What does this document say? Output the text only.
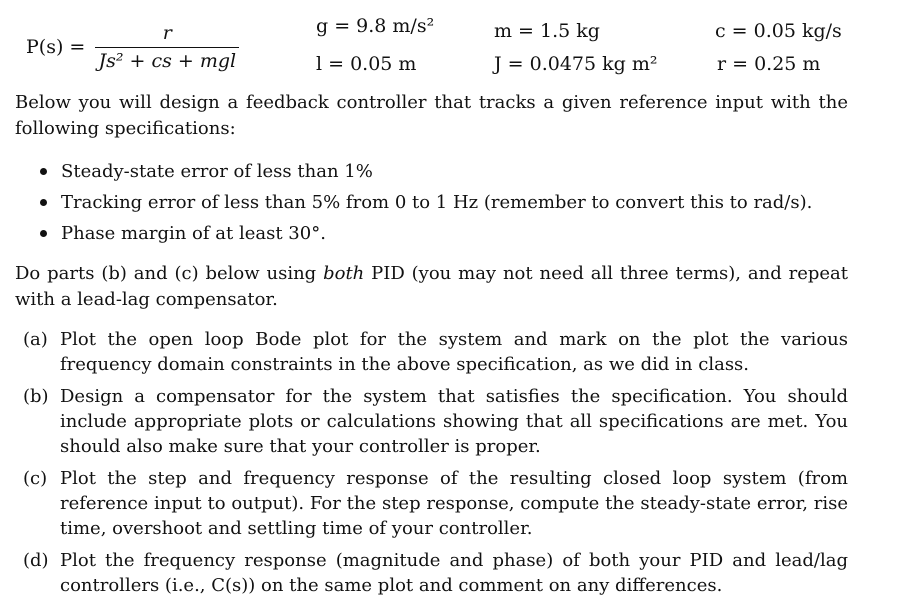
$P(s) = \frac{r}{\text{Js² + cs + mgl}}$	g = 9.8 m/s²
l = 0.05 m
m = 1.5 kg
J = 0.0475 kg m²
c = 0.05 kg/s
r = 0.25 m
Below you will design a feedback controller that tracks a given reference input with the following specifications:
Steady-state error of less than 1%
Tracking error of less than 5% from 0 to 1 Hz (remember to convert this to rad/s).
Phase margin of at least 30°.
Do parts (b) and (c) below using both PID (you may not need all three terms), and repeat with a lead-lag compensator.
(a) Plot the open loop Bode plot for the system and mark on the plot the various frequency domain constraints in the above specification, as we did in class.
(b) Design a compensator for the system that satisfies the specification. You should include appropriate plots or calculations showing that all specifications are met. You should also make sure that your controller is proper.
(c) Plot the step and frequency response of the resulting closed loop system (from reference input to output). For the step response, compute the steady-state error, rise time, overshoot and settling time of your controller.
(d) Plot the frequency response (magnitude and phase) of both your PID and lead/lag controllers (i.e., C(s)) on the same plot and comment on any differences.
